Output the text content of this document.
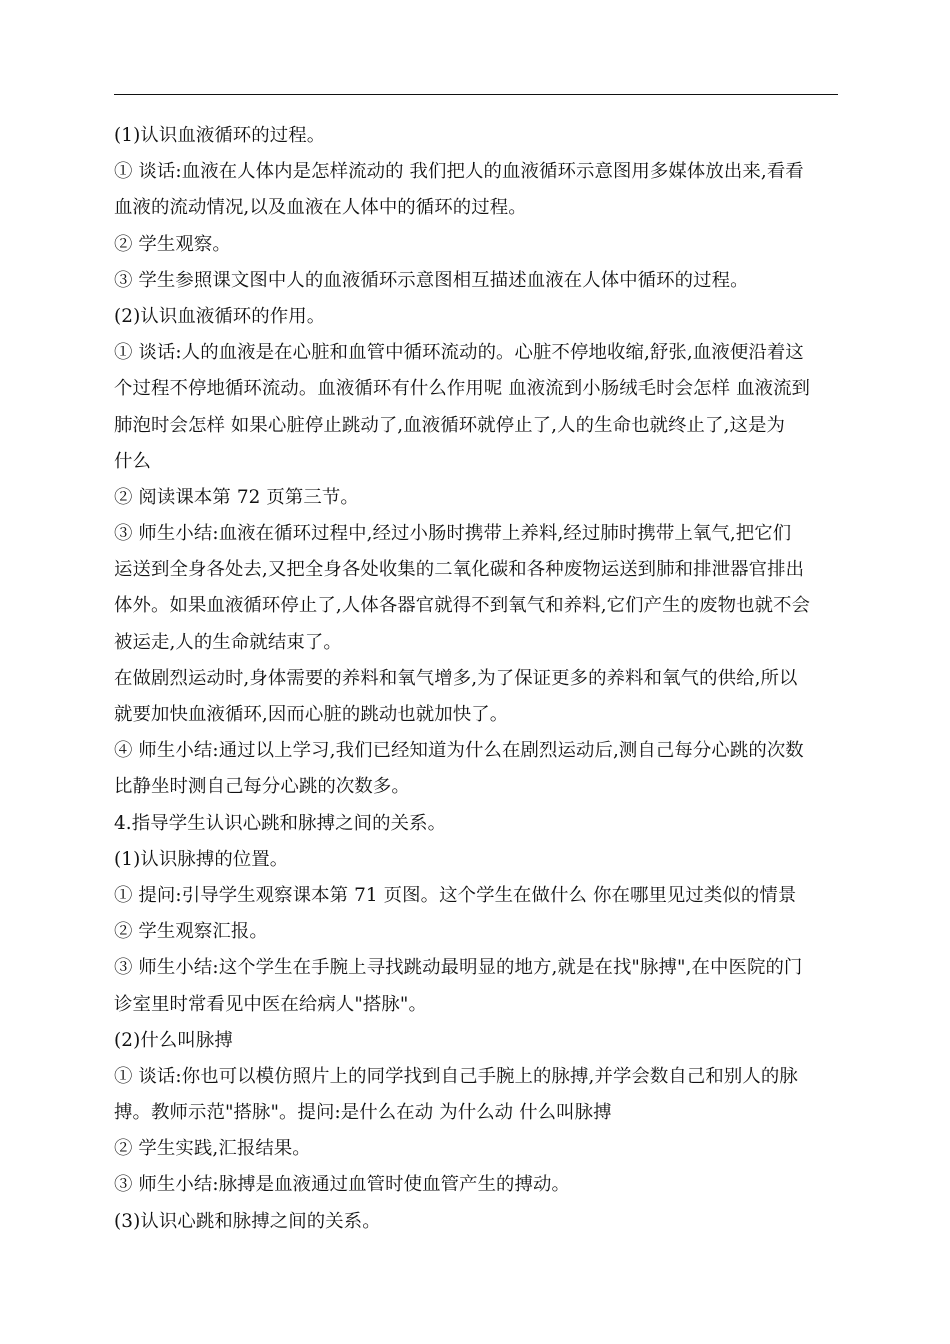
(1)认识血液循环的过程。
① 谈话:血液在人体内是怎样流动的 我们把人的血液循环示意图用多媒体放出来,看看
血液的流动情况,以及血液在人体中的循环的过程。
② 学生观察。
③ 学生参照课文图中人的血液循环示意图相互描述血液在人体中循环的过程。
(2)认识血液循环的作用。
① 谈话:人的血液是在心脏和血管中循环流动的。心脏不停地收缩,舒张,血液便沿着这
个过程不停地循环流动。血液循环有什么作用呢 血液流到小肠绒毛时会怎样 血液流到
肺泡时会怎样 如果心脏停止跳动了,血液循环就停止了,人的生命也就终止了,这是为
什么
② 阅读课本第 72 页第三节。
③ 师生小结:血液在循环过程中,经过小肠时携带上养料,经过肺时携带上氧气,把它们
运送到全身各处去,又把全身各处收集的二氧化碳和各种废物运送到肺和排泄器官排出
体外。如果血液循环停止了,人体各器官就得不到氧气和养料,它们产生的废物也就不会
被运走,人的生命就结束了。
在做剧烈运动时,身体需要的养料和氧气增多,为了保证更多的养料和氧气的供给,所以
就要加快血液循环,因而心脏的跳动也就加快了。
④ 师生小结:通过以上学习,我们已经知道为什么在剧烈运动后,测自己每分心跳的次数
比静坐时测自己每分心跳的次数多。
4.指导学生认识心跳和脉搏之间的关系。
(1)认识脉搏的位置。
① 提问:引导学生观察课本第 71 页图。这个学生在做什么 你在哪里见过类似的情景
② 学生观察汇报。
③ 师生小结:这个学生在手腕上寻找跳动最明显的地方,就是在找"脉搏",在中医院的门
诊室里时常看见中医在给病人"搭脉"。
(2)什么叫脉搏
① 谈话:你也可以模仿照片上的同学找到自己手腕上的脉搏,并学会数自己和别人的脉
搏。教师示范"搭脉"。提问:是什么在动 为什么动 什么叫脉搏
② 学生实践,汇报结果。
③ 师生小结:脉搏是血液通过血管时使血管产生的搏动。
(3)认识心跳和脉搏之间的关系。
